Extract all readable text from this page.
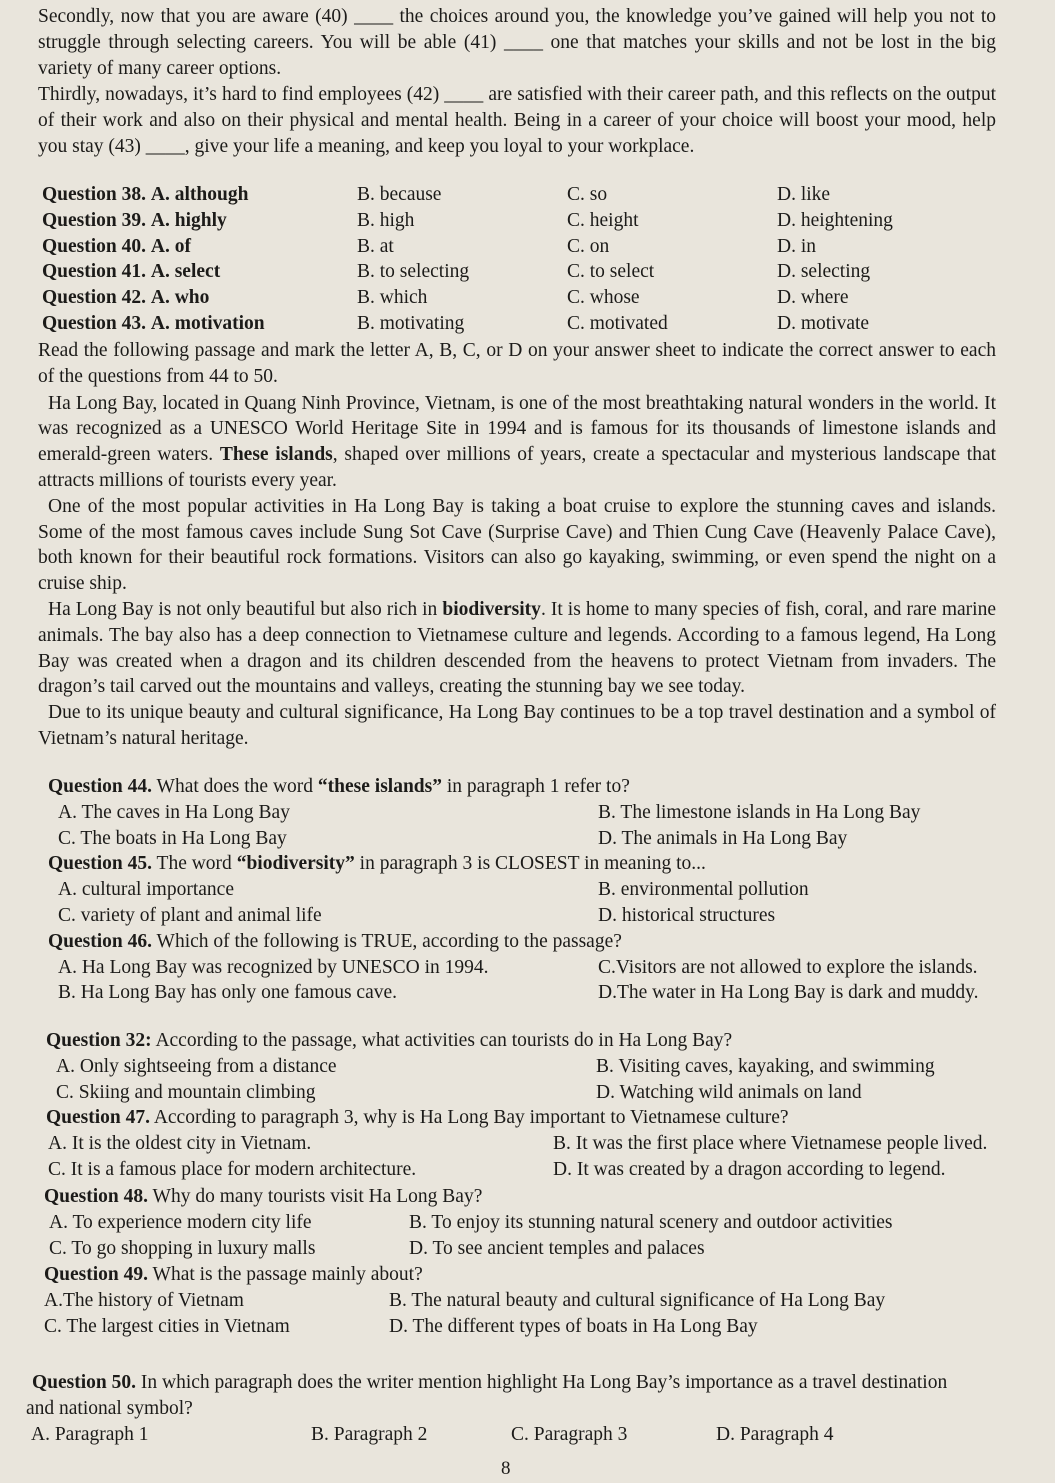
Secondly, now that you are aware (40) ____ the choices around you, the knowledge you’ve gained will help you not to struggle through selecting careers. You will be able (41) ____ one that matches your skills and not be lost in the big variety of many career options.

Thirdly, nowadays, it’s hard to find employees (42) ____ are satisfied with their career path, and this reflects on the output of their work and also on their physical and mental health. Being in a career of your choice will boost your mood, help you stay (43) ____, give your life a meaning, and keep you loyal to your workplace.

Question 38. A. although	B. because	C. so	D. like
Question 39. A. highly	B. high	C. height	D. heightening
Question 40. A. of	B. at	C. on	D. in
Question 41. A. select	B. to selecting	C. to select	D. selecting
Question 42. A. who	B. which	C. whose	D. where
Question 43. A. motivation	B. motivating	C. motivated	D. motivate

Read the following passage and mark the letter A, B, C, or D on your answer sheet to indicate the correct answer to each of the questions from 44 to 50.

Ha Long Bay, located in Quang Ninh Province, Vietnam, is one of the most breathtaking natural wonders in the world. It was recognized as a UNESCO World Heritage Site in 1994 and is famous for its thousands of limestone islands and emerald-green waters. These islands, shaped over millions of years, create a spectacular and mysterious landscape that attracts millions of tourists every year.

One of the most popular activities in Ha Long Bay is taking a boat cruise to explore the stunning caves and islands. Some of the most famous caves include Sung Sot Cave (Surprise Cave) and Thien Cung Cave (Heavenly Palace Cave), both known for their beautiful rock formations. Visitors can also go kayaking, swimming, or even spend the night on a cruise ship.

Ha Long Bay is not only beautiful but also rich in biodiversity. It is home to many species of fish, coral, and rare marine animals. The bay also has a deep connection to Vietnamese culture and legends. According to a famous legend, Ha Long Bay was created when a dragon and its children descended from the heavens to protect Vietnam from invaders. The dragon’s tail carved out the mountains and valleys, creating the stunning bay we see today.

Due to its unique beauty and cultural significance, Ha Long Bay continues to be a top travel destination and a symbol of Vietnam’s natural heritage.

Question 44. What does the word “these islands” in paragraph 1 refer to?

A. The caves in Ha Long Bay	B. The limestone islands in Ha Long Bay
C. The boats in Ha Long Bay	D. The animals in Ha Long Bay

Question 45. The word “biodiversity” in paragraph 3 is CLOSEST in meaning to...

A. cultural importance	B. environmental pollution
C. variety of plant and animal life	D. historical structures

Question 46. Which of the following is TRUE, according to the passage?

A. Ha Long Bay was recognized by UNESCO in 1994.	C.Visitors are not allowed to explore the islands.
B. Ha Long Bay has only one famous cave.	D.The water in Ha Long Bay is dark and muddy.

Question 32: According to the passage, what activities can tourists do in Ha Long Bay?

A. Only sightseeing from a distance	B. Visiting caves, kayaking, and swimming
C. Skiing and mountain climbing	D. Watching wild animals on land

Question 47. According to paragraph 3, why is Ha Long Bay important to Vietnamese culture?

A. It is the oldest city in Vietnam.	B. It was the first place where Vietnamese people lived.
C. It is a famous place for modern architecture.	D. It was created by a dragon according to legend.

Question 48. Why do many tourists visit Ha Long Bay?

A. To experience modern city life	B. To enjoy its stunning natural scenery and outdoor activities
C. To go shopping in luxury malls	D. To see ancient temples and palaces

Question 49. What is the passage mainly about?

A.The history of Vietnam	B. The natural beauty and cultural significance of Ha Long Bay
C. The largest cities in Vietnam	D. The different types of boats in Ha Long Bay

Question 50. In which paragraph does the writer mention highlight Ha Long Bay’s importance as a travel destination and national symbol?

A. Paragraph 1	B. Paragraph 2	C. Paragraph 3	D. Paragraph 4
8
